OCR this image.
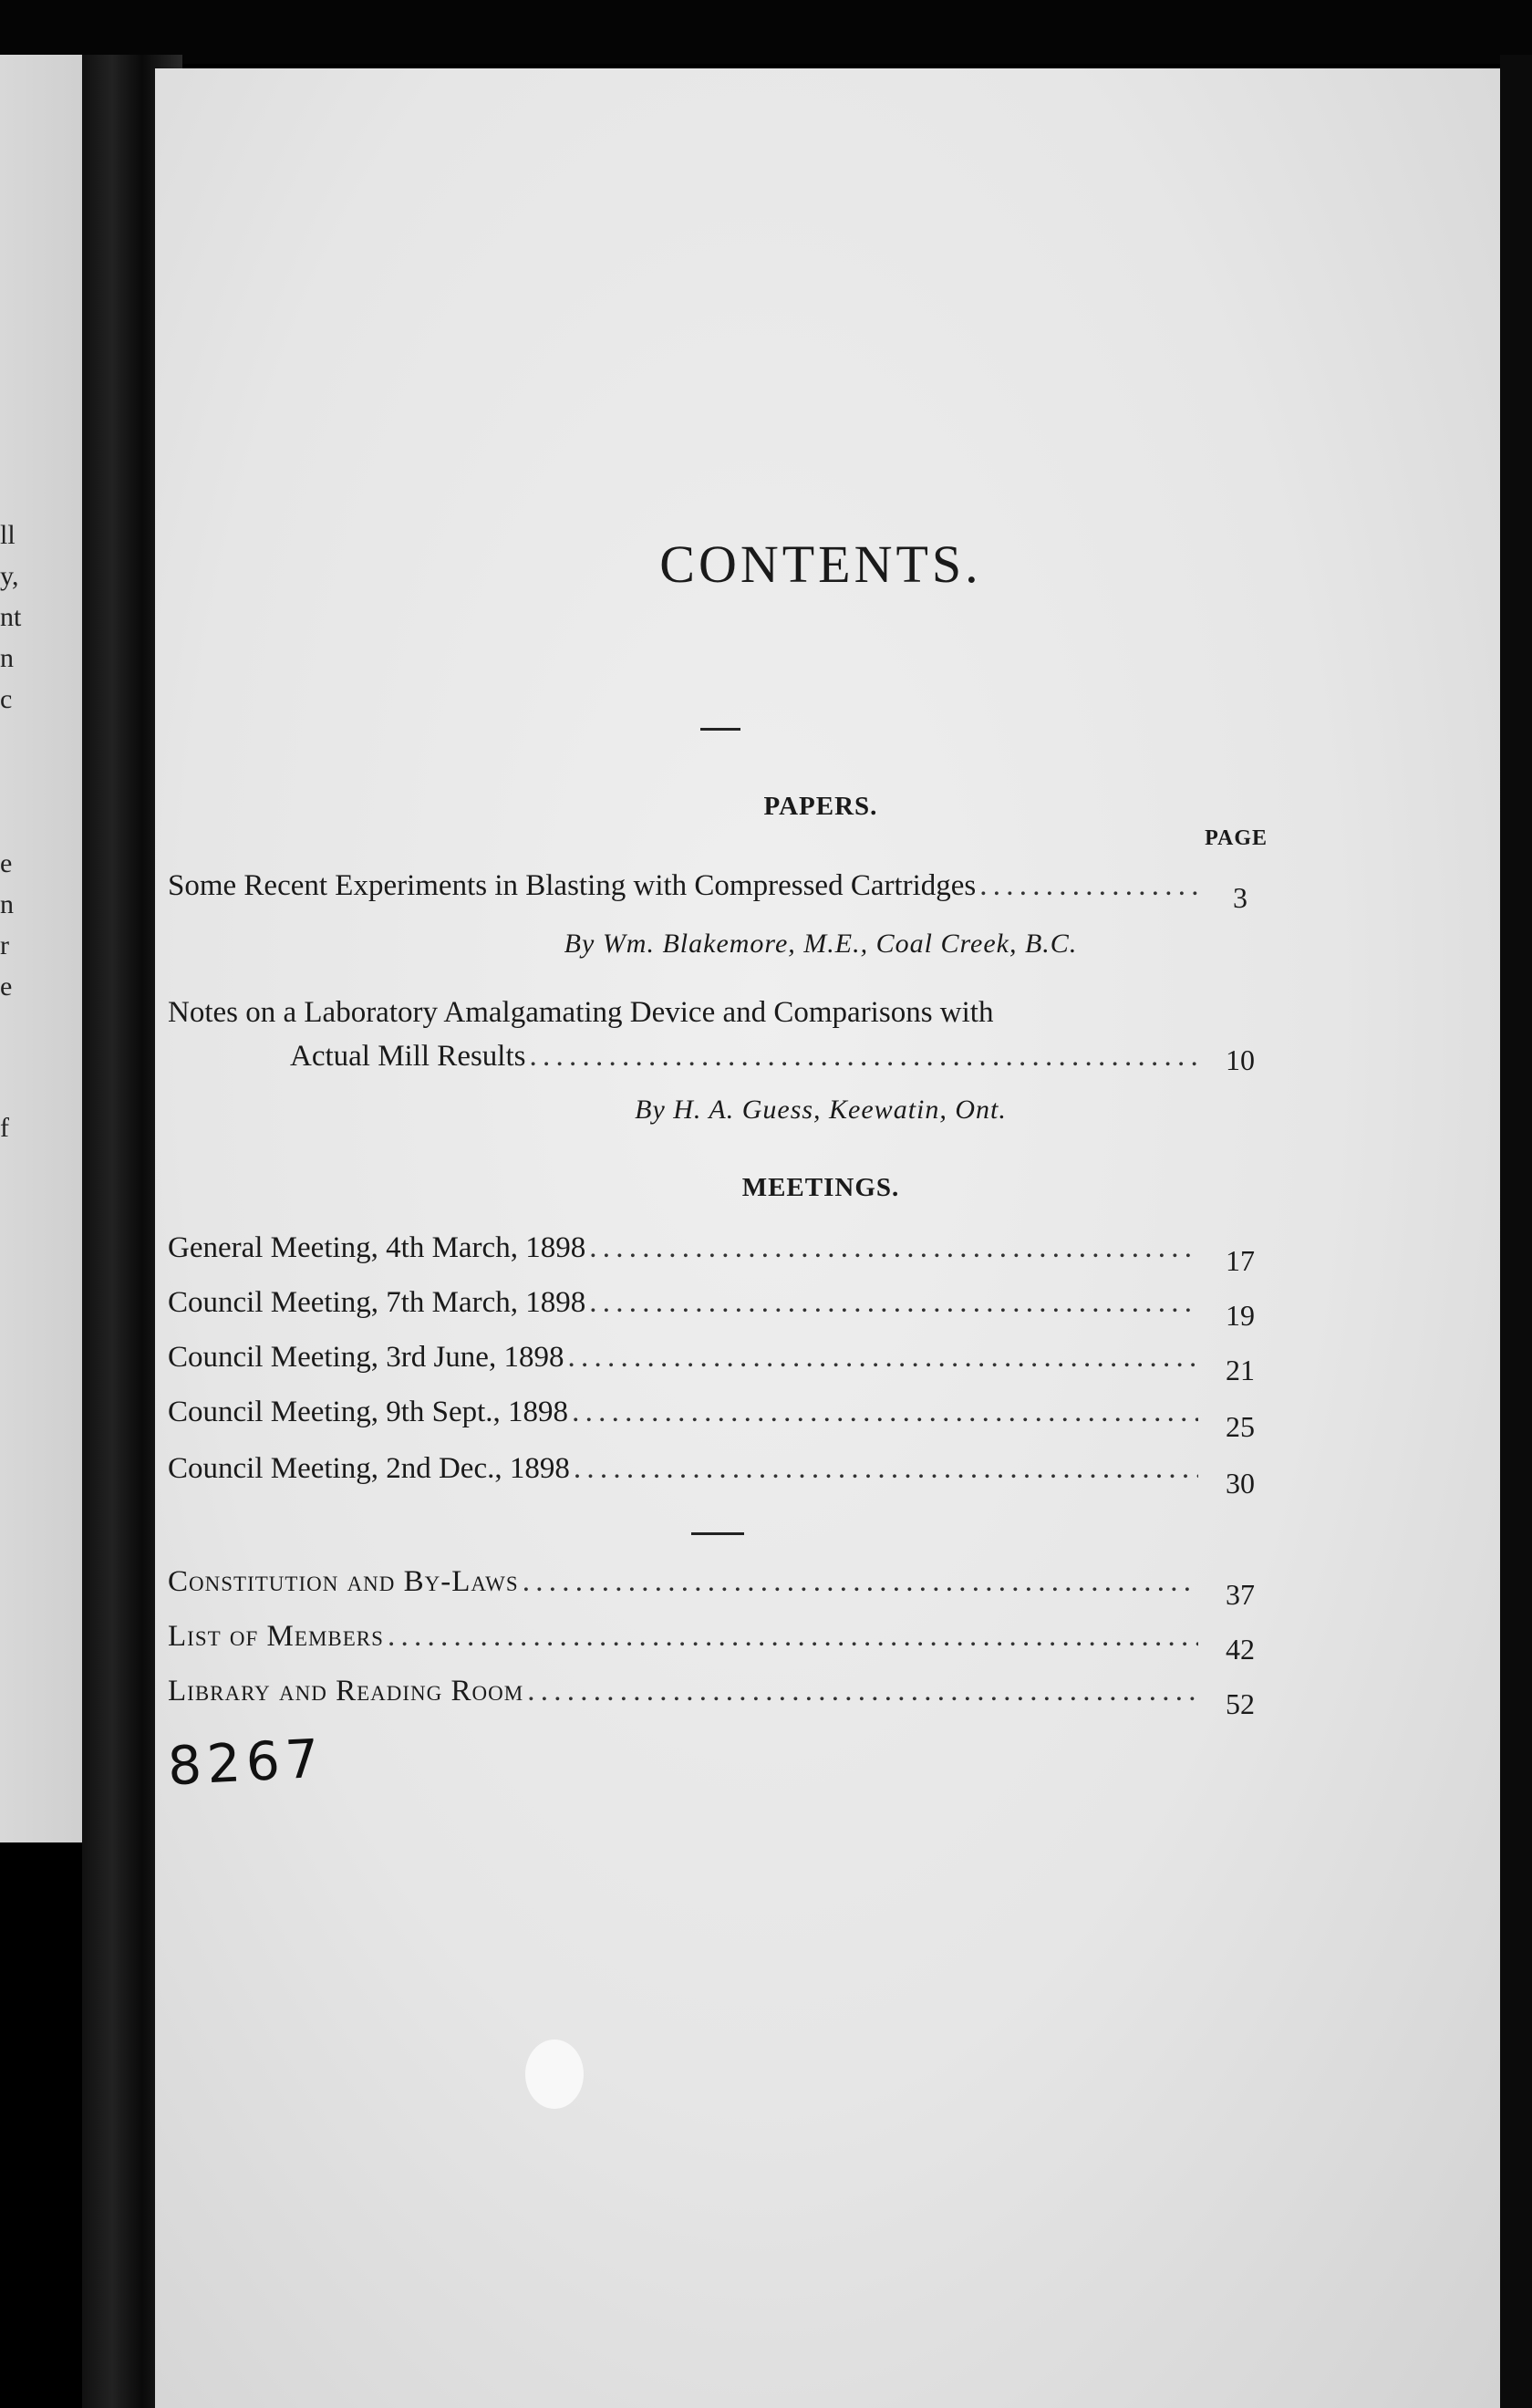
ll
y,
nt
n
c
e
n
r
e
f
CONTENTS.
PAPERS.
PAGE
Some Recent Experiments in Blasting with Compressed Cartridges . . .	3
By Wm. Blakemore, M.E., Coal Creek, B.C.
Notes on a Laboratory Amalgamating Device and Comparisons with
Actual Mill Results . . .	10
By H. A. Guess, Keewatin, Ont.
MEETINGS.
General Meeting, 4th March, 1898 . . .	17
Council Meeting, 7th March, 1898 . . .	19
Council Meeting, 3rd June, 1898 . . .	21
Council Meeting, 9th Sept., 1898 . . .	25
Council Meeting, 2nd Dec., 1898 . . .	30
Constitution and By-Laws . . .	37
List of Members . . .	42
Library and Reading Room . . .	52
8267
